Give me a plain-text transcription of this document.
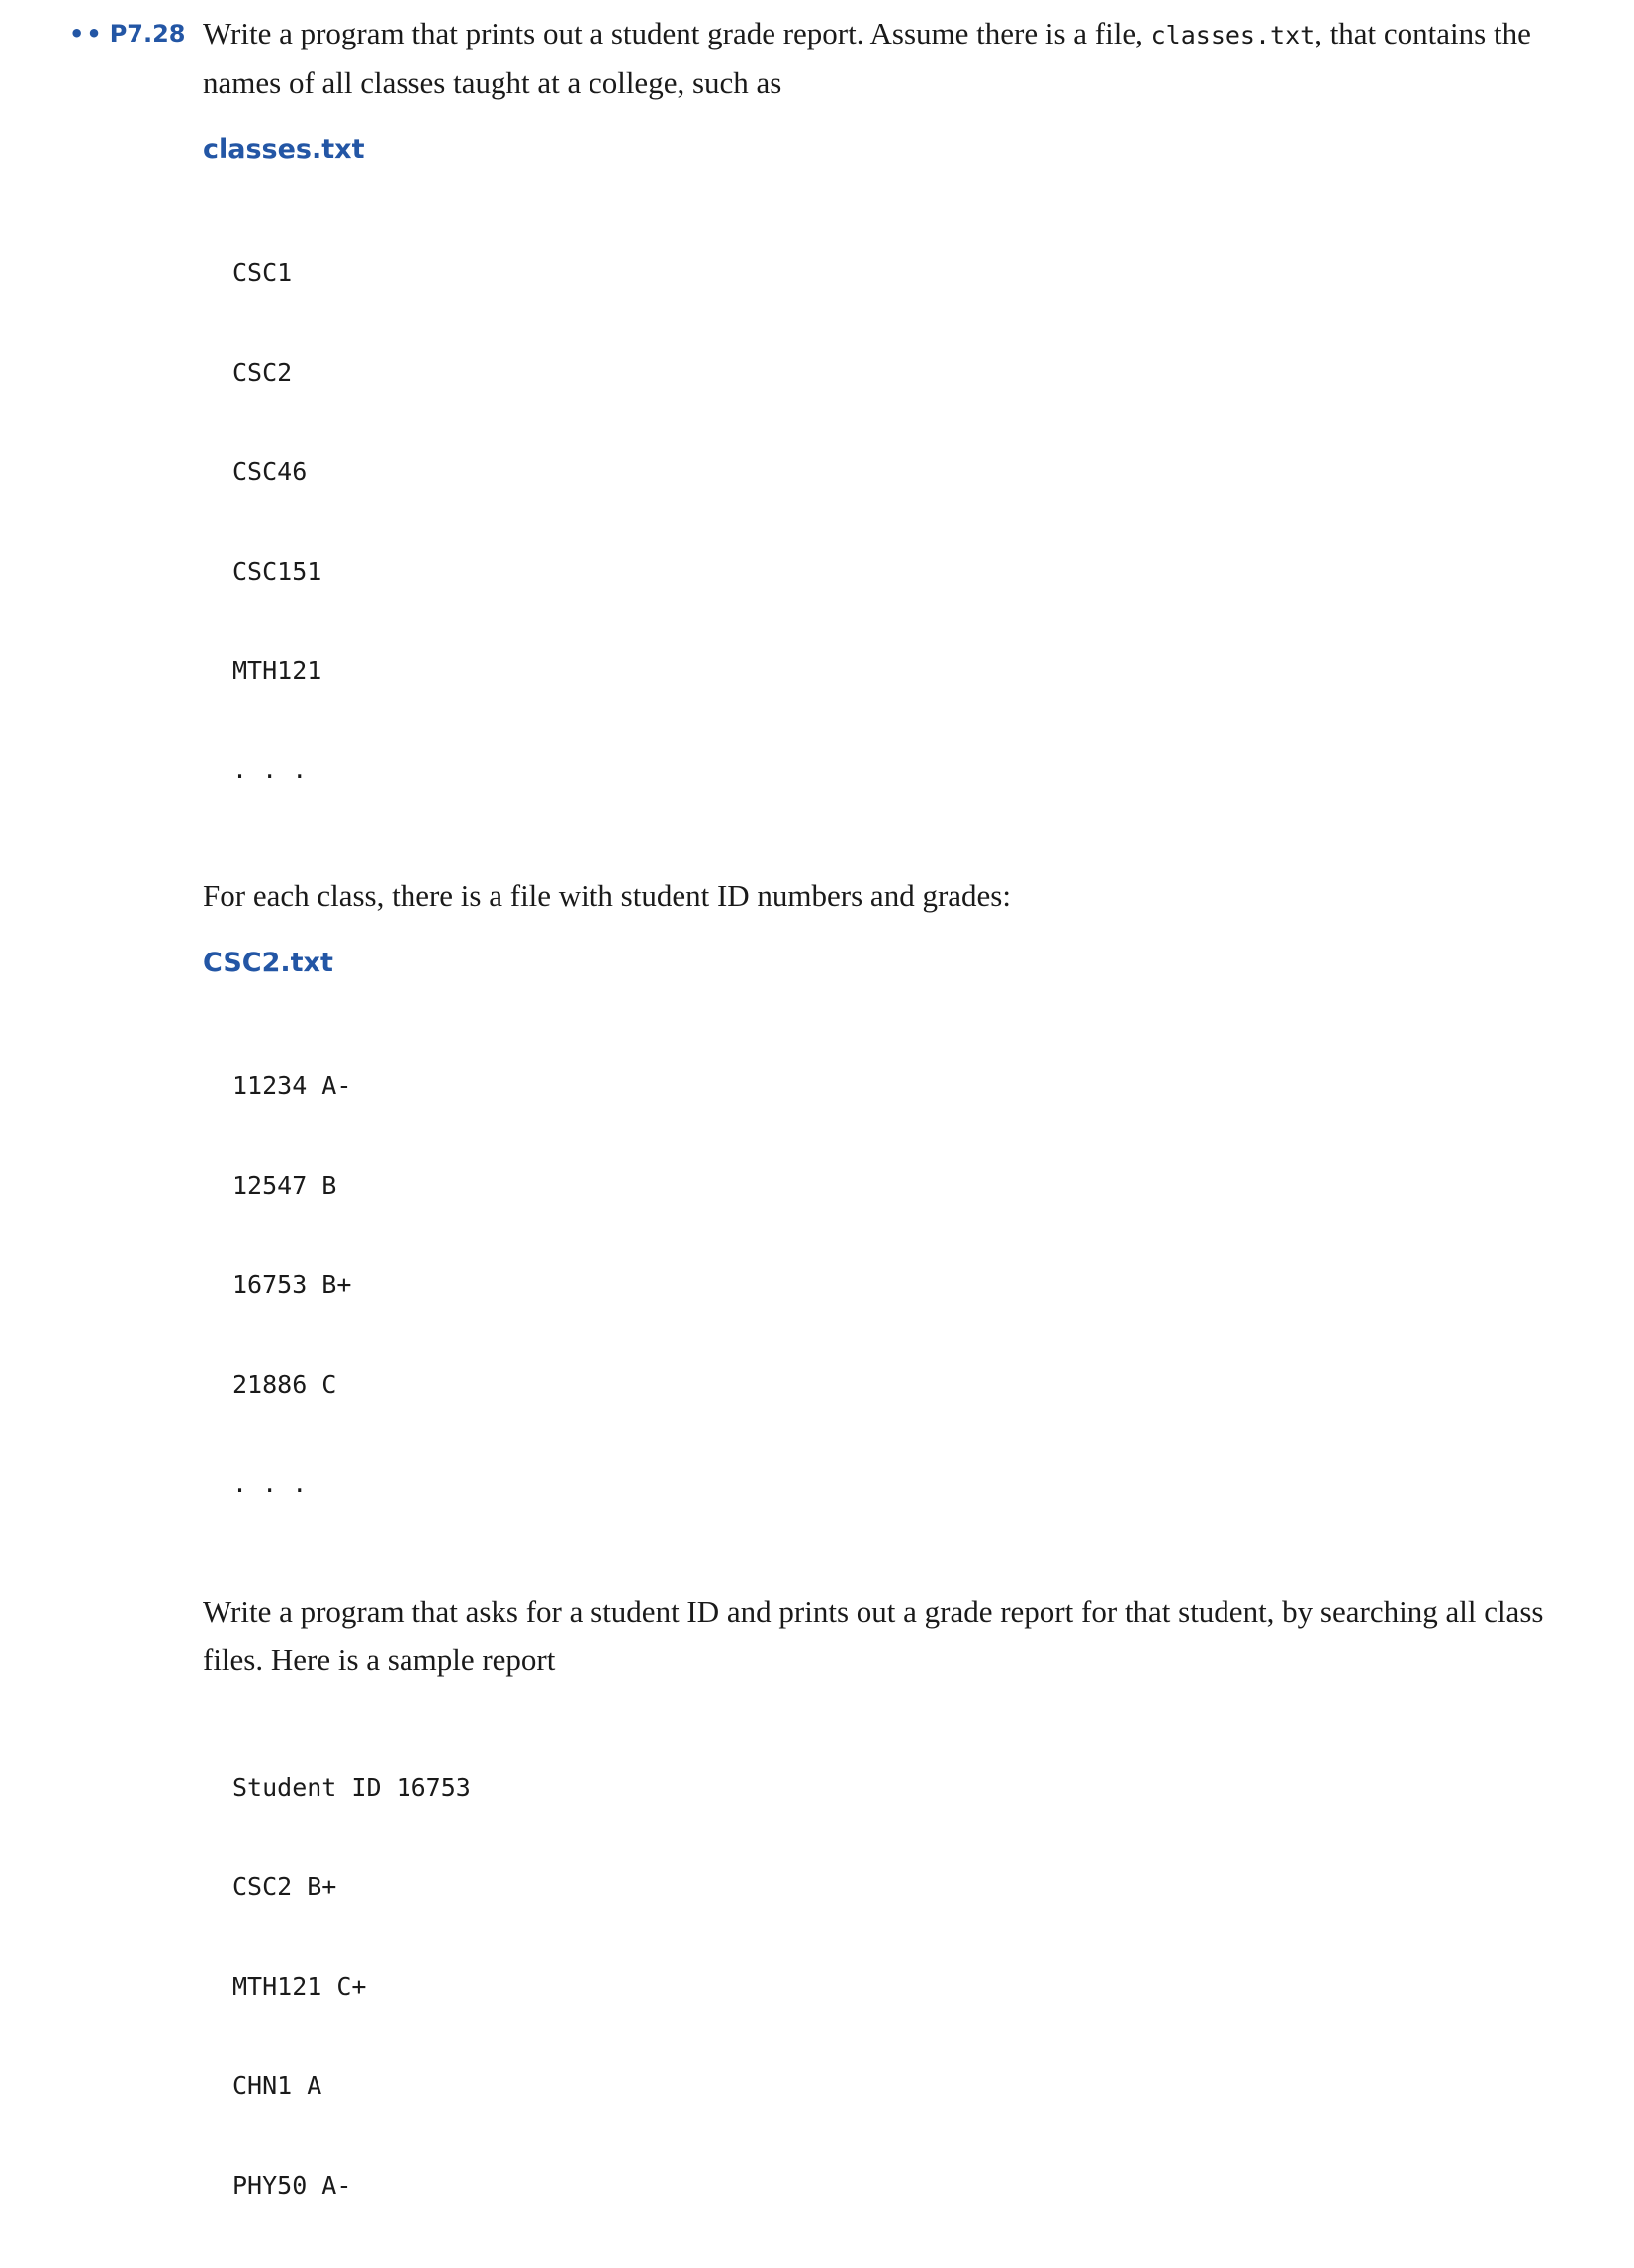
•• P7.28 Write a program that prints out a student grade report. Assume there is a file, classes.txt, that contains the names of all classes taught at a college, such as

classes.txt

CSC1

CSC2

CSC46

CSC151

MTH121

. . .

For each class, there is a file with student ID numbers and grades:

CSC2.txt

11234 A-

12547 B

16753 B+

21886 C

. . .

Write a program that asks for a student ID and prints out a grade report for that student, by searching all class files. Here is a sample report

Student ID 16753

CSC2 B+

MTH121 C+

CHN1 A

PHY50 A-
